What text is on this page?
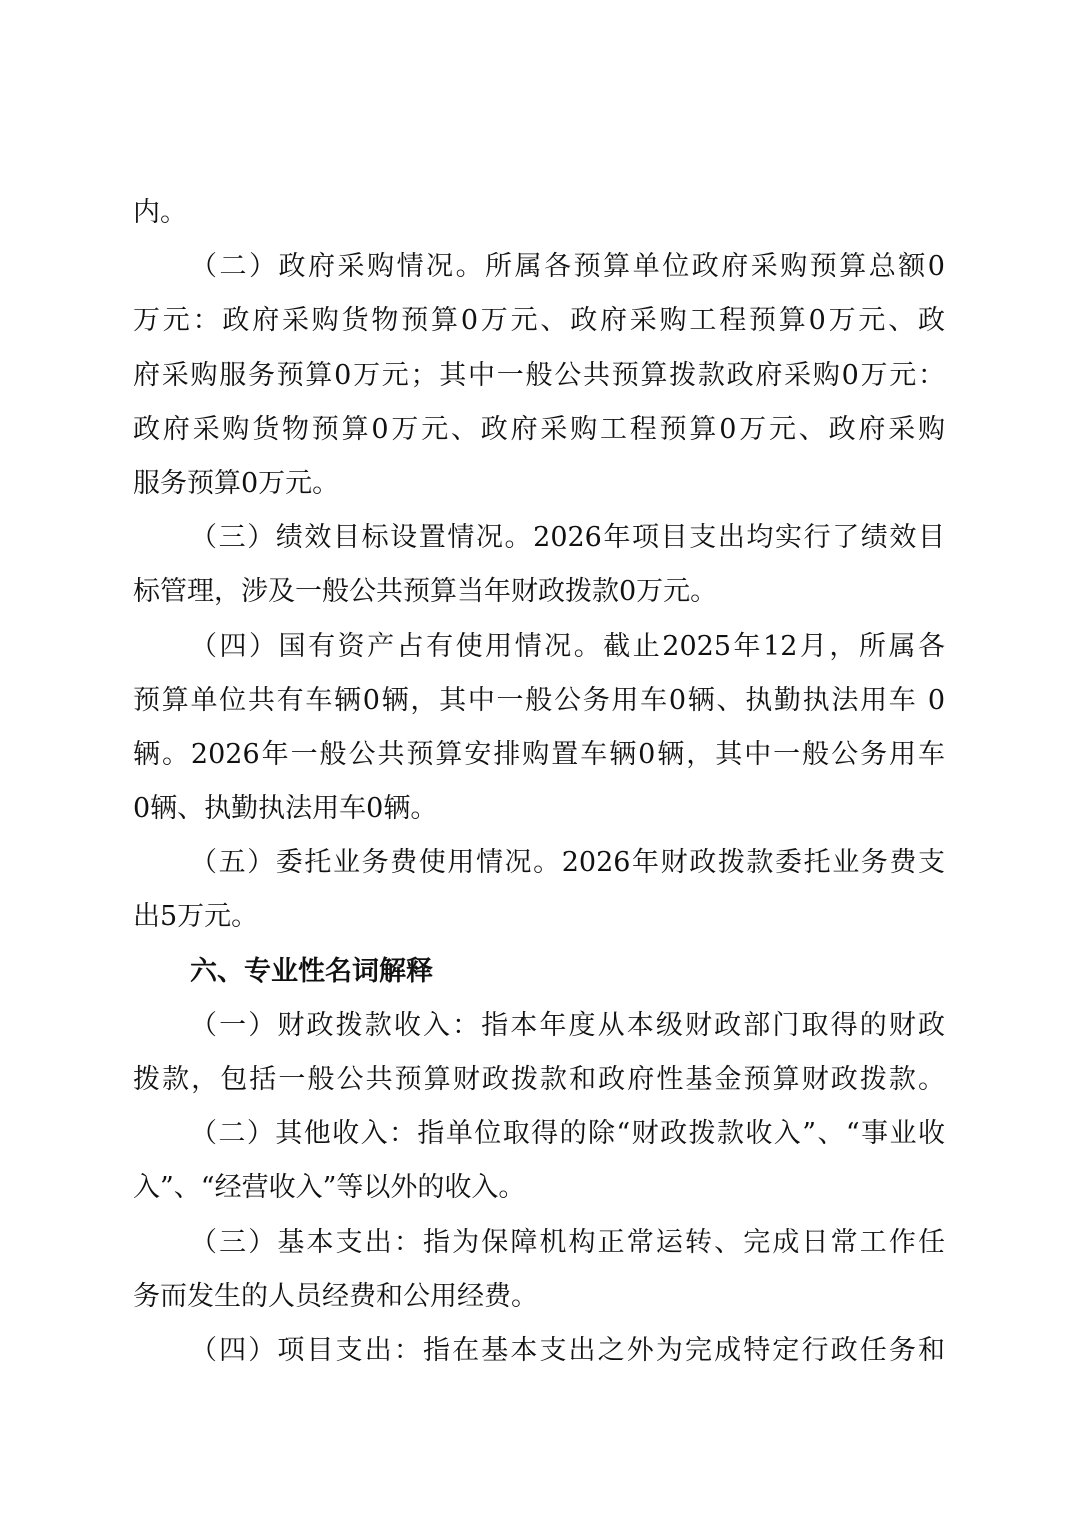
内。
（二）政府采购情况。所属各预算单位政府采购预算总额0
万元：政府采购货物预算0万元、政府采购工程预算0万元、政
府采购服务预算0万元；其中一般公共预算拨款政府采购0万元：
政府采购货物预算0万元、政府采购工程预算0万元、政府采购
服务预算0万元。
（三）绩效目标设置情况。2026年项目支出均实行了绩效目
标管理，涉及一般公共预算当年财政拨款0万元。
（四）国有资产占有使用情况。截止2025年12月，所属各
预算单位共有车辆0辆，其中一般公务用车0辆、执勤执法用车 0
辆。2026年一般公共预算安排购置车辆0辆，其中一般公务用车
0辆、执勤执法用车0辆。
（五）委托业务费使用情况。2026年财政拨款委托业务费支
出5万元。
六、专业性名词解释
（一）财政拨款收入：指本年度从本级财政部门取得的财政
拨款，包括一般公共预算财政拨款和政府性基金预算财政拨款。
（二）其他收入：指单位取得的除“财政拨款收入”、“事业收
入”、“经营收入”等以外的收入。
（三）基本支出：指为保障机构正常运转、完成日常工作任
务而发生的人员经费和公用经费。
（四）项目支出：指在基本支出之外为完成特定行政任务和
